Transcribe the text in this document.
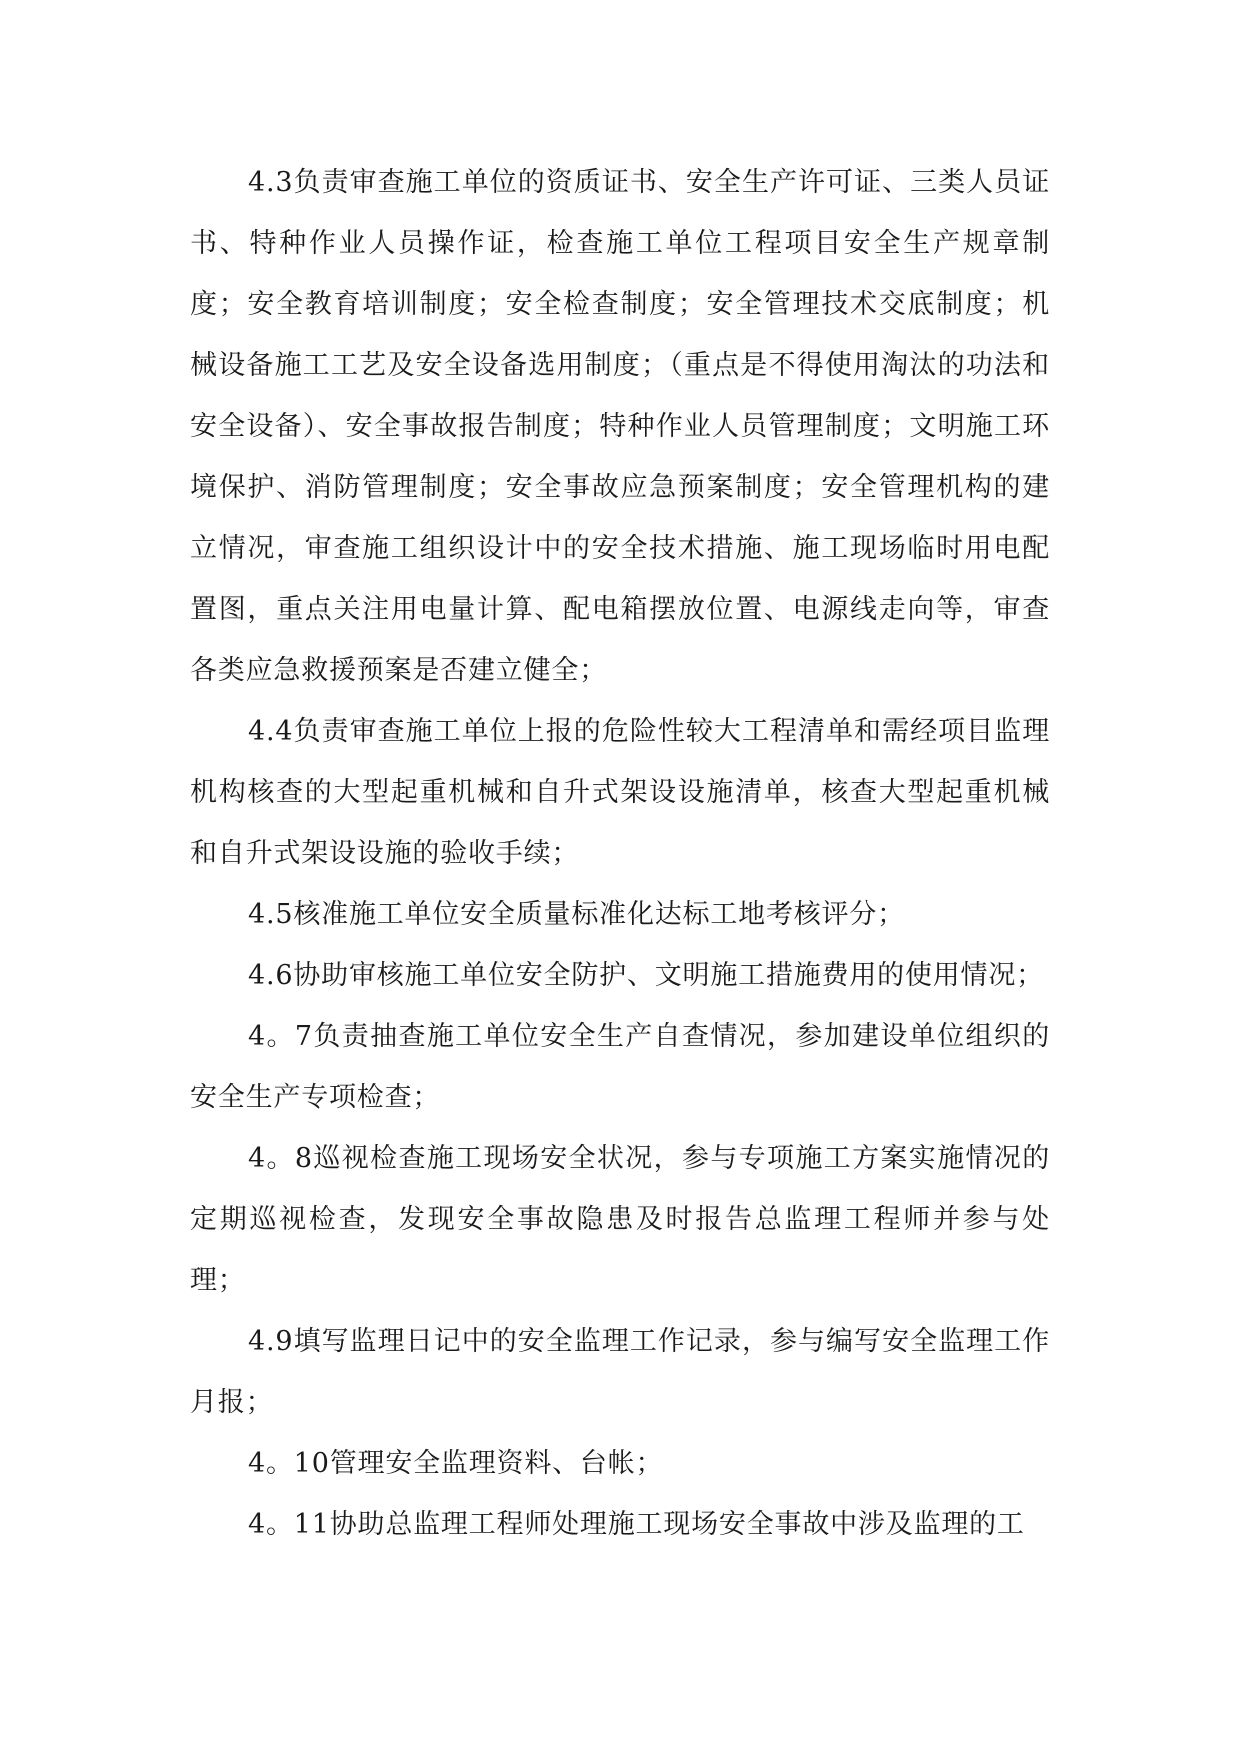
4.3负责审查施工单位的资质证书、安全生产许可证、三类人员证书、特种作业人员操作证，检查施工单位工程项目安全生产规章制度；安全教育培训制度；安全检查制度；安全管理技术交底制度；机械设备施工工艺及安全设备选用制度；（重点是不得使用淘汰的功法和安全设备）、安全事故报告制度；特种作业人员管理制度；文明施工环境保护、消防管理制度；安全事故应急预案制度；安全管理机构的建立情况，审查施工组织设计中的安全技术措施、施工现场临时用电配置图，重点关注用电量计算、配电箱摆放位置、电源线走向等，审查各类应急救援预案是否建立健全；

4.4负责审查施工单位上报的危险性较大工程清单和需经项目监理机构核查的大型起重机械和自升式架设设施清单，核查大型起重机械和自升式架设设施的验收手续；

4.5核准施工单位安全质量标准化达标工地考核评分；

4.6协助审核施工单位安全防护、文明施工措施费用的使用情况；

4。7负责抽查施工单位安全生产自查情况，参加建设单位组织的安全生产专项检查；

4。8巡视检查施工现场安全状况，参与专项施工方案实施情况的定期巡视检查，发现安全事故隐患及时报告总监理工程师并参与处理；

4.9填写监理日记中的安全监理工作记录，参与编写安全监理工作月报；

4。10管理安全监理资料、台帐；

4。11协助总监理工程师处理施工现场安全事故中涉及监理的工
